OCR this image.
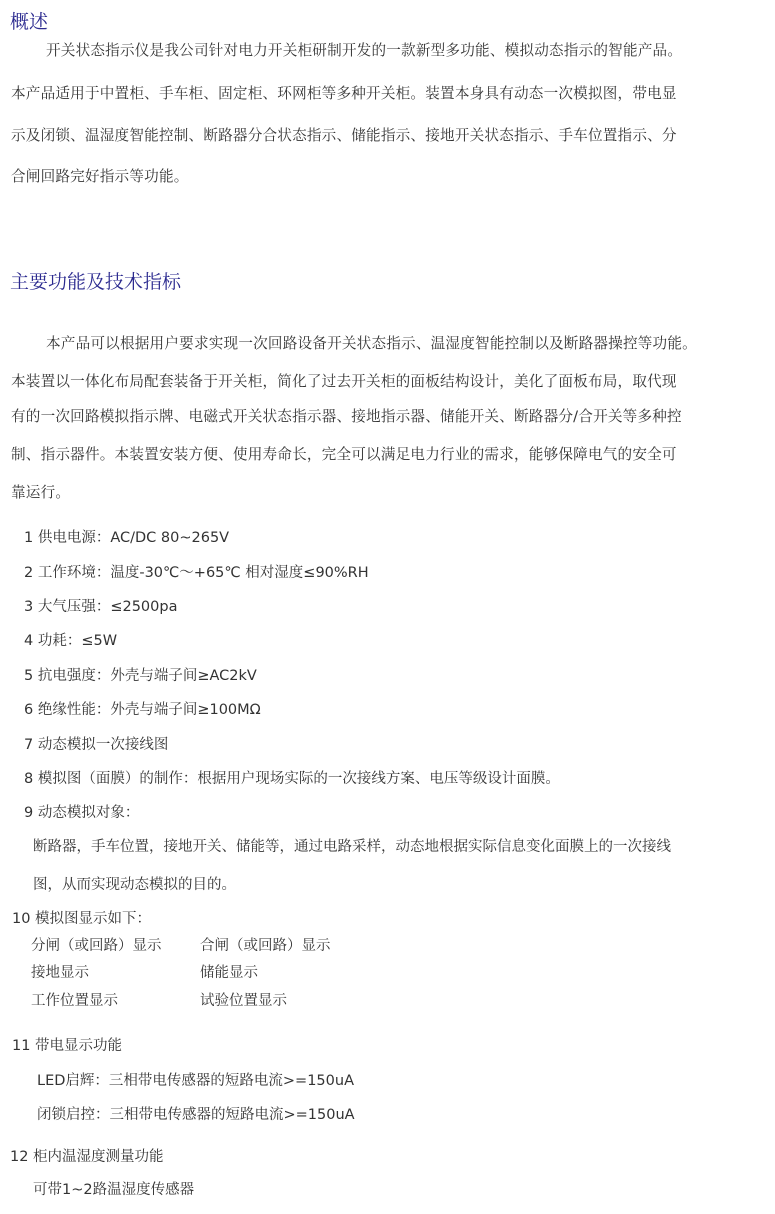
概述
开关状态指示仪是我公司针对电力开关柜研制开发的一款新型多功能、模拟动态指示的智能产品。
本产品适用于中置柜、手车柜、固定柜、环网柜等多种开关柜。装置本身具有动态一次模拟图，带电显
示及闭锁、温湿度智能控制、断路器分合状态指示、储能指示、接地开关状态指示、手车位置指示、分
合闸回路完好指示等功能。
主要功能及技术指标
本产品可以根据用户要求实现一次回路设备开关状态指示、温湿度智能控制以及断路器操控等功能。
本装置以一体化布局配套装备于开关柜，简化了过去开关柜的面板结构设计，美化了面板布局，取代现
有的一次回路模拟指示牌、电磁式开关状态指示器、接地指示器、储能开关、断路器分/合开关等多种控
制、指示器件。本装置安装方便、使用寿命长，完全可以满足电力行业的需求，能够保障电气的安全可
靠运行。
1 供电电源：AC/DC 80~265V
2 工作环境：温度-30℃～+65℃ 相对湿度≤90%RH
3 大气压强：≤2500pa
4 功耗：≤5W
5 抗电强度：外壳与端子间≥AC2kV
6 绝缘性能：外壳与端子间≥100MΩ
7 动态模拟一次接线图
8 模拟图（面膜）的制作：根据用户现场实际的一次接线方案、电压等级设计面膜。
9 动态模拟对象：
断路器，手车位置，接地开关、储能等，通过电路采样，动态地根据实际信息变化面膜上的一次接线
图，从而实现动态模拟的目的。
10 模拟图显示如下：
分闸（或回路）显示	合闸（或回路）显示
接地显示	储能显示
工作位置显示	试验位置显示
11 带电显示功能
LED启辉：三相带电传感器的短路电流>=150uA
闭锁启控：三相带电传感器的短路电流>=150uA
12 柜内温湿度测量功能
可带1~2路温湿度传感器
